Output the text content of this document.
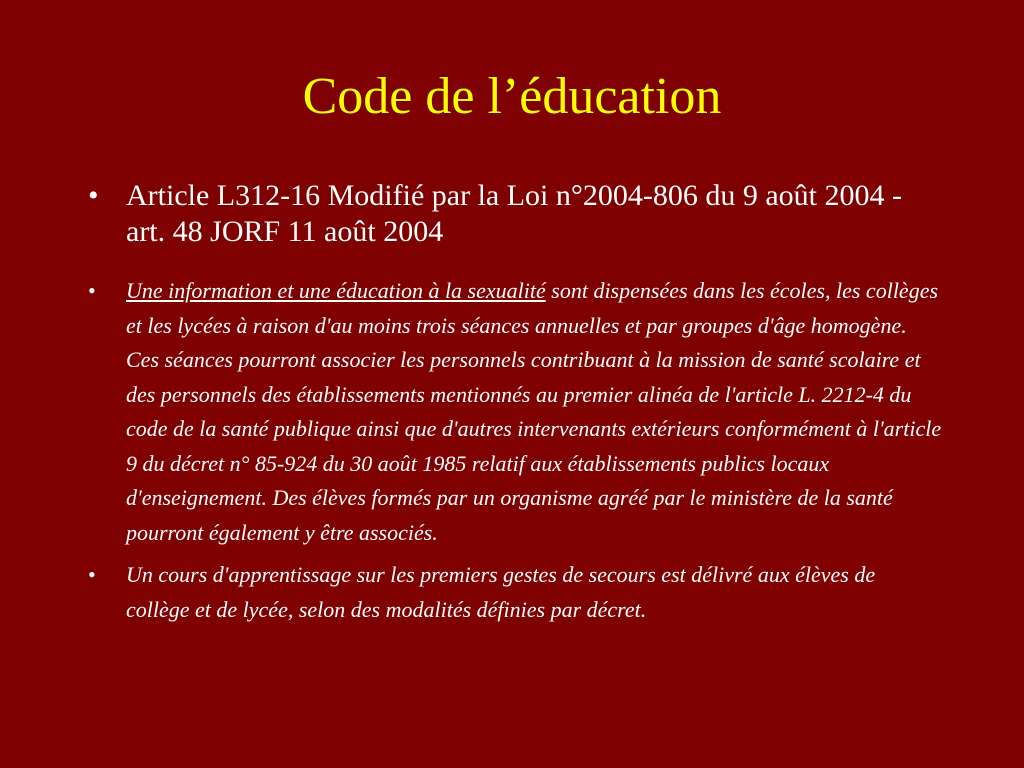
Code de l’éducation
• Article L312-16 Modifié par la Loi n°2004-806 du 9 août 2004 - art. 48 JORF 11 août 2004
• Une information et une éducation à la sexualité sont dispensées dans les écoles, les collèges et les lycées à raison d'au moins trois séances annuelles et par groupes d'âge homogène. Ces séances pourront associer les personnels contribuant à la mission de santé scolaire et des personnels des établissements mentionnés au premier alinéa de l'article L. 2212-4 du code de la santé publique ainsi que d'autres intervenants extérieurs conformément à l'article 9 du décret n° 85-924 du 30 août 1985 relatif aux établissements publics locaux d'enseignement. Des élèves formés par un organisme agréé par le ministère de la santé pourront également y être associés.
• Un cours d'apprentissage sur les premiers gestes de secours est délivré aux élèves de collège et de lycée, selon des modalités définies par décret.
